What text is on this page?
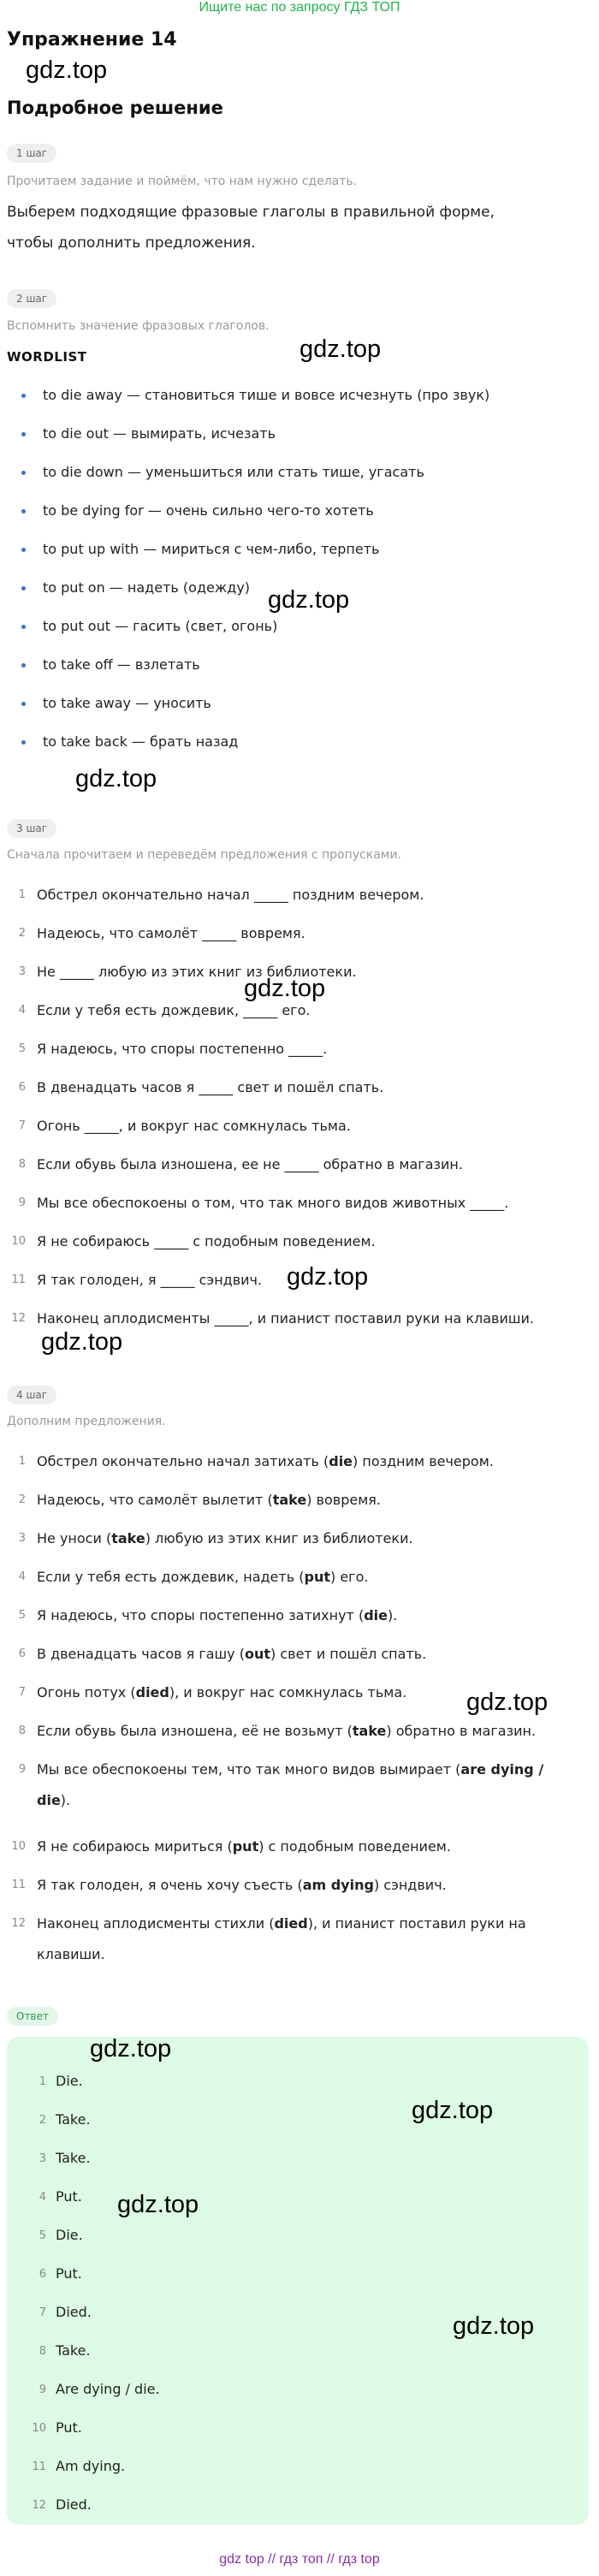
Ищите нас по запросу ГДЗ ТОП
Упражнение 14
gdz.top
Подробное решение
1 шаг
Прочитаем задание и поймём, что нам нужно сделать.
Выберем подходящие фразовые глаголы в правильной форме, чтобы дополнить предложения.
2 шаг
Вспомнить значение фразовых глаголов.
WORDLIST	gdz.top
to die away — становиться тише и вовсе исчезнуть (про звук)
to die out — вымирать, исчезать
to die down — уменьшиться или стать тише, угасать
to be dying for — очень сильно чего-то хотеть
to put up with — мириться с чем-либо, терпеть
to put on — надеть (одежду)
to put out — гасить (свет, огонь)
to take off — взлетать
to take away — уносить
to take back — брать назад
gdz.top
gdz.top
3 шаг
Сначала прочитаем и переведём предложения с пропусками.
1 Обстрел окончательно начал _____ поздним вечером.
2 Надеюсь, что самолёт _____ вовремя.
3 Не _____ любую из этих книг из библиотеки.
4 Если у тебя есть дождевик, _____ его.
5 Я надеюсь, что споры постепенно _____.
6 В двенадцать часов я _____ свет и пошёл спать.
7 Огонь _____, и вокруг нас сомкнулась тьма.
8 Если обувь была изношена, ее не _____ обратно в магазин.
9 Мы все обеспокоены о том, что так много видов животных _____.
10 Я не собираюсь _____ с подобным поведением.
11 Я так голоден, я _____ сэндвич.
12 Наконец аплодисменты _____, и пианист поставил руки на клавиши.
gdz.top
gdz.top
gdz.top
4 шаг
Дополним предложения.
1 Обстрел окончательно начал затихать (die) поздним вечером.
2 Надеюсь, что самолёт вылетит (take) вовремя.
3 Не уноси (take) любую из этих книг из библиотеки.
4 Если у тебя есть дождевик, надеть (put) его.
5 Я надеюсь, что споры постепенно затихнут (die).
6 В двенадцать часов я гашу (out) свет и пошёл спать.
7 Огонь потух (died), и вокруг нас сомкнулась тьма.
8 Если обувь была изношена, её не возьмут (take) обратно в магазин.
9 Мы все обеспокоены тем, что так много видов вымирает (are dying / die).
10 Я не собираюсь мириться (put) с подобным поведением.
11 Я так голоден, я очень хочу съесть (am dying) сэндвич.
12 Наконец аплодисменты стихли (died), и пианист поставил руки на клавиши.
gdz.top
Ответ
1 Die.
2 Take.
3 Take.
4 Put.
5 Die.
6 Put.
7 Died.
8 Take.
9 Are dying / die.
10 Put.
11 Am dying.
12 Died.
gdz.top
gdz.top
gdz.top
gdz.top
gdz top // гдз топ // гдз top
